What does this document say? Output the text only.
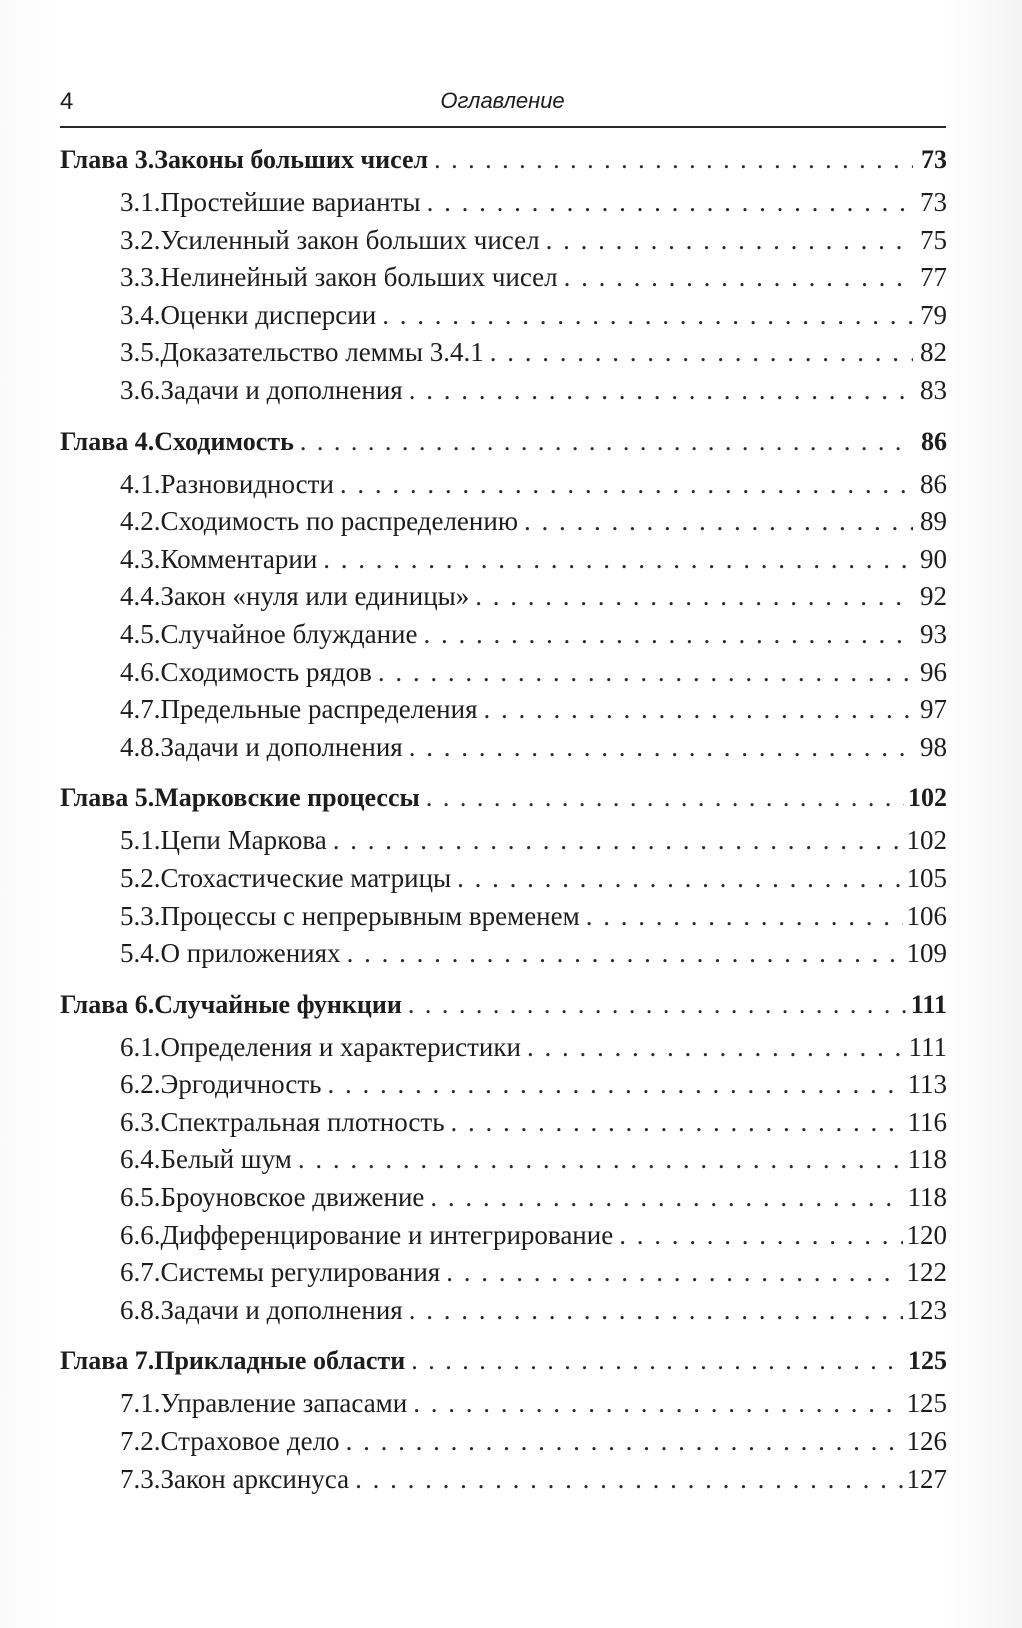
4	Оглавление
Глава 3. Законы больших чисел . . .	73
3.1. Простейшие варианты . . .	73
3.2. Усиленный закон больших чисел . . .	75
3.3. Нелинейный закон больших чисел . . .	77
3.4. Оценки дисперсии . . .	79
3.5. Доказательство леммы 3.4.1 . . .	82
3.6. Задачи и дополнения . . .	83
Глава 4. Сходимость . . .	86
4.1. Разновидности . . .	86
4.2. Сходимость по распределению . . .	89
4.3. Комментарии . . .	90
4.4. Закон «нуля или единицы» . . .	92
4.5. Случайное блуждание . . .	93
4.6. Сходимость рядов . . .	96
4.7. Предельные распределения . . .	97
4.8. Задачи и дополнения . . .	98
Глава 5. Марковские процессы . . .	102
5.1. Цепи Маркова . . .	102
5.2. Стохастические матрицы . . .	105
5.3. Процессы с непрерывным временем . . .	106
5.4. О приложениях . . .	109
Глава 6. Случайные функции . . .	111
6.1. Определения и характеристики . . .	111
6.2. Эргодичность . . .	113
6.3. Спектральная плотность . . .	116
6.4. Белый шум . . .	118
6.5. Броуновское движение . . .	118
6.6. Дифференцирование и интегрирование . . .	120
6.7. Системы регулирования . . .	122
6.8. Задачи и дополнения . . .	123
Глава 7. Прикладные области . . .	125
7.1. Управление запасами . . .	125
7.2. Страховое дело . . .	126
7.3. Закон арксинуса . . .	127
